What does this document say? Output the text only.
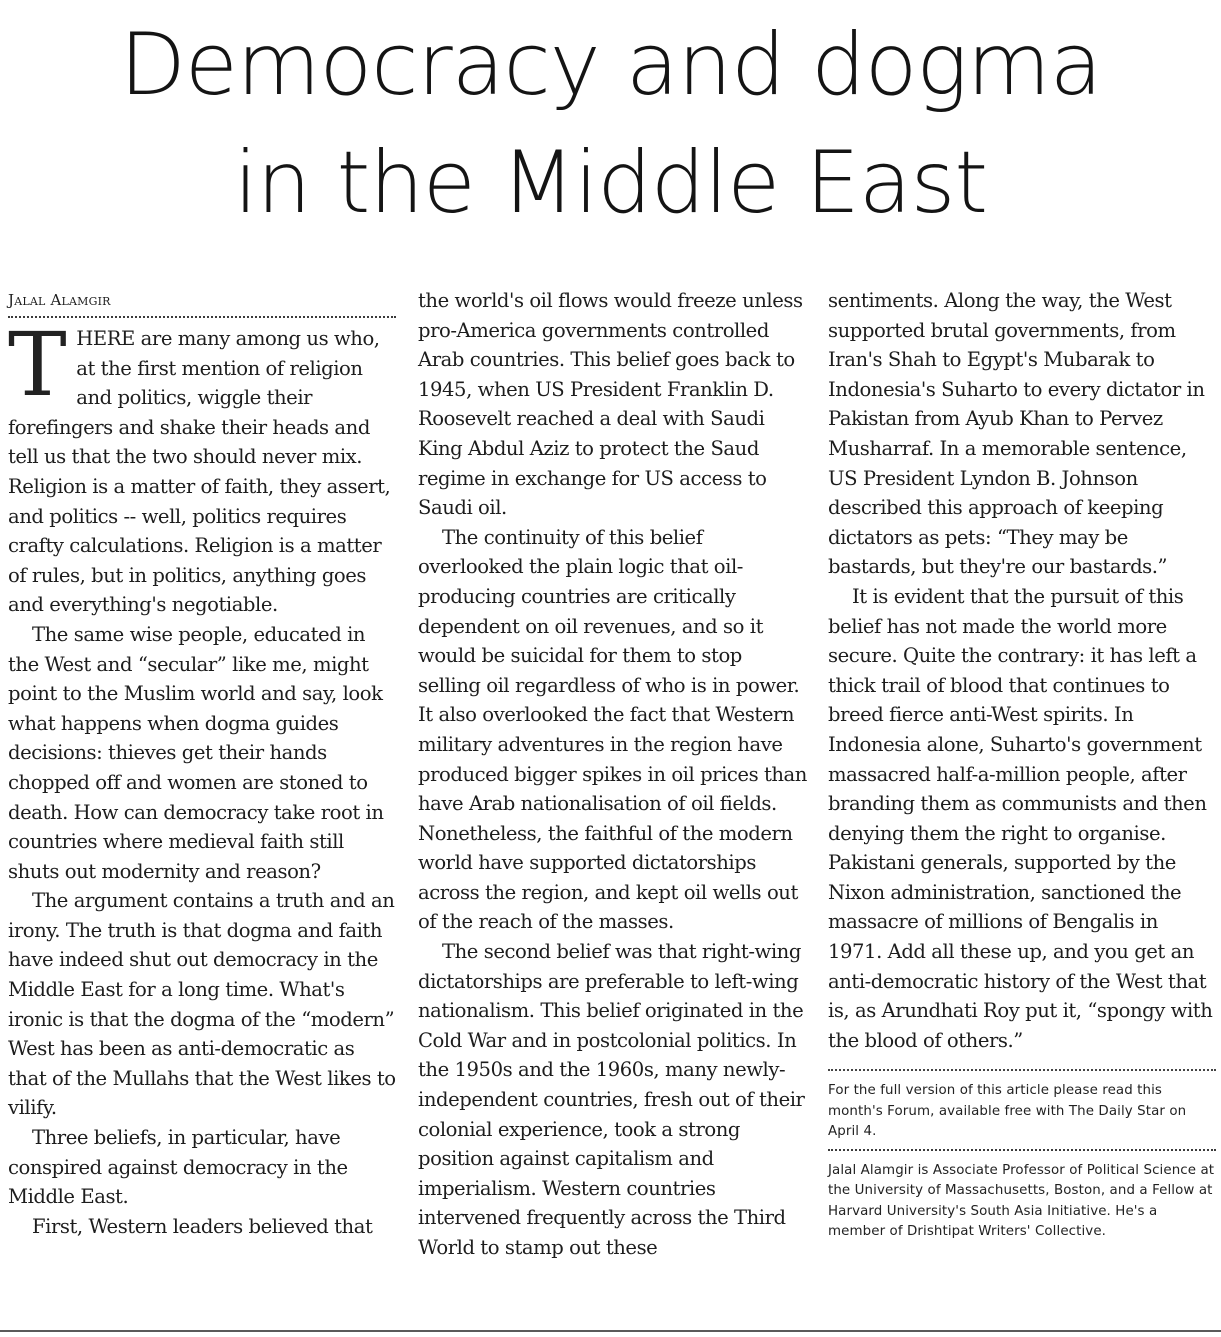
Democracy and dogma
in the Middle East
Jalal Alamgir

THERE are many among us who, at the first mention of religion and politics, wiggle their forefingers and shake their heads and tell us that the two should never mix. Religion is a matter of faith, they assert, and politics -- well, politics requires crafty calculations. Religion is a matter of rules, but in politics, anything goes and everything's negotiable.

The same wise people, educated in the West and “secular” like me, might point to the Muslim world and say, look what happens when dogma guides decisions: thieves get their hands chopped off and women are stoned to death. How can democracy take root in countries where medieval faith still shuts out modernity and reason?

The argument contains a truth and an irony. The truth is that dogma and faith have indeed shut out democracy in the Middle East for a long time. What's ironic is that the dogma of the “modern” West has been as anti-democratic as that of the Mullahs that the West likes to vilify.

Three beliefs, in particular, have conspired against democracy in the Middle East.

First, Western leaders believed that

the world's oil flows would freeze unless pro-America governments controlled Arab countries. This belief goes back to 1945, when US President Franklin D. Roosevelt reached a deal with Saudi King Abdul Aziz to protect the Saud regime in exchange for US access to Saudi oil.

The continuity of this belief overlooked the plain logic that oil-producing countries are critically dependent on oil revenues, and so it would be suicidal for them to stop selling oil regardless of who is in power. It also overlooked the fact that Western military adventures in the region have produced bigger spikes in oil prices than have Arab nationalisation of oil fields. Nonetheless, the faithful of the modern world have supported dictatorships across the region, and kept oil wells out of the reach of the masses.

The second belief was that right-wing dictatorships are preferable to left-wing nationalism. This belief originated in the Cold War and in postcolonial politics. In the 1950s and the 1960s, many newly-independent countries, fresh out of their colonial experience, took a strong position against capitalism and imperialism. Western countries intervened frequently across the Third World to stamp out these

sentiments. Along the way, the West supported brutal governments, from Iran's Shah to Egypt's Mubarak to Indonesia's Suharto to every dictator in Pakistan from Ayub Khan to Pervez Musharraf. In a memorable sentence, US President Lyndon B. Johnson described this approach of keeping dictators as pets: “They may be bastards, but they're our bastards.”

It is evident that the pursuit of this belief has not made the world more secure. Quite the contrary: it has left a thick trail of blood that continues to breed fierce anti-West spirits. In Indonesia alone, Suharto's government massacred half-a-million people, after branding them as communists and then denying them the right to organise. Pakistani generals, supported by the Nixon administration, sanctioned the massacre of millions of Bengalis in 1971. Add all these up, and you get an anti-democratic history of the West that is, as Arundhati Roy put it, “spongy with the blood of others.”

For the full version of this article please read this month's Forum, available free with The Daily Star on April 4.
Jalal Alamgir is Associate Professor of Political Science at the University of Massachusetts, Boston, and a Fellow at Harvard University's South Asia Initiative. He's a member of Drishtipat Writers' Collective.
